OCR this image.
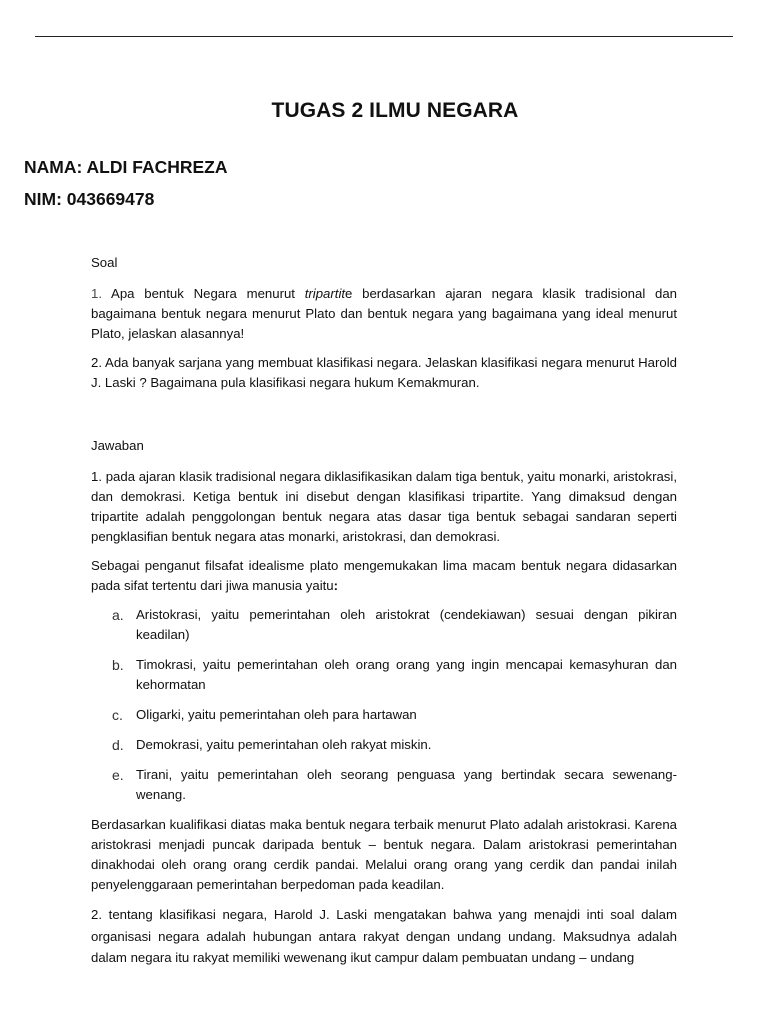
TUGAS 2 ILMU NEGARA
NAMA: ALDI FACHREZA
NIM: 043669478

Soal

1. Apa bentuk Negara menurut tripartite berdasarkan ajaran negara klasik tradisional dan bagaimana bentuk negara menurut Plato dan bentuk negara yang bagaimana yang ideal menurut Plato, jelaskan alasannya!

2. Ada banyak sarjana yang membuat klasifikasi negara. Jelaskan klasifikasi negara menurut Harold J. Laski ? Bagaimana pula klasifikasi negara hukum Kemakmuran.

Jawaban

1. pada ajaran klasik tradisional negara diklasifikasikan dalam tiga bentuk, yaitu monarki, aristokrasi, dan demokrasi. Ketiga bentuk ini disebut dengan klasifikasi tripartite. Yang dimaksud dengan tripartite adalah penggolongan bentuk negara atas dasar tiga bentuk sebagai sandaran seperti pengklasifian bentuk negara atas monarki, aristokrasi, dan demokrasi.

Sebagai penganut filsafat idealisme plato mengemukakan lima macam bentuk negara didasarkan pada sifat tertentu dari jiwa manusia yaitu:

a. Aristokrasi, yaitu pemerintahan oleh aristokrat (cendekiawan) sesuai dengan pikiran keadilan)
b. Timokrasi, yaitu pemerintahan oleh orang orang yang ingin mencapai kemasyhuran dan kehormatan
c. Oligarki, yaitu pemerintahan oleh para hartawan
d. Demokrasi, yaitu pemerintahan oleh rakyat miskin.
e. Tirani, yaitu pemerintahan oleh seorang penguasa yang bertindak secara sewenang-wenang.

Berdasarkan kualifikasi diatas maka bentuk negara terbaik menurut Plato adalah aristokrasi. Karena aristokrasi menjadi puncak daripada bentuk – bentuk negara. Dalam aristokrasi pemerintahan dinakhodai oleh orang orang cerdik pandai. Melalui orang orang yang cerdik dan pandai inilah penyelenggaraan pemerintahan berpedoman pada keadilan.

2. tentang klasifikasi negara, Harold J. Laski mengatakan bahwa yang menajdi inti soal dalam organisasi negara adalah hubungan antara rakyat dengan undang undang. Maksudnya adalah dalam negara itu rakyat memiliki wewenang ikut campur dalam pembuatan undang – undang
